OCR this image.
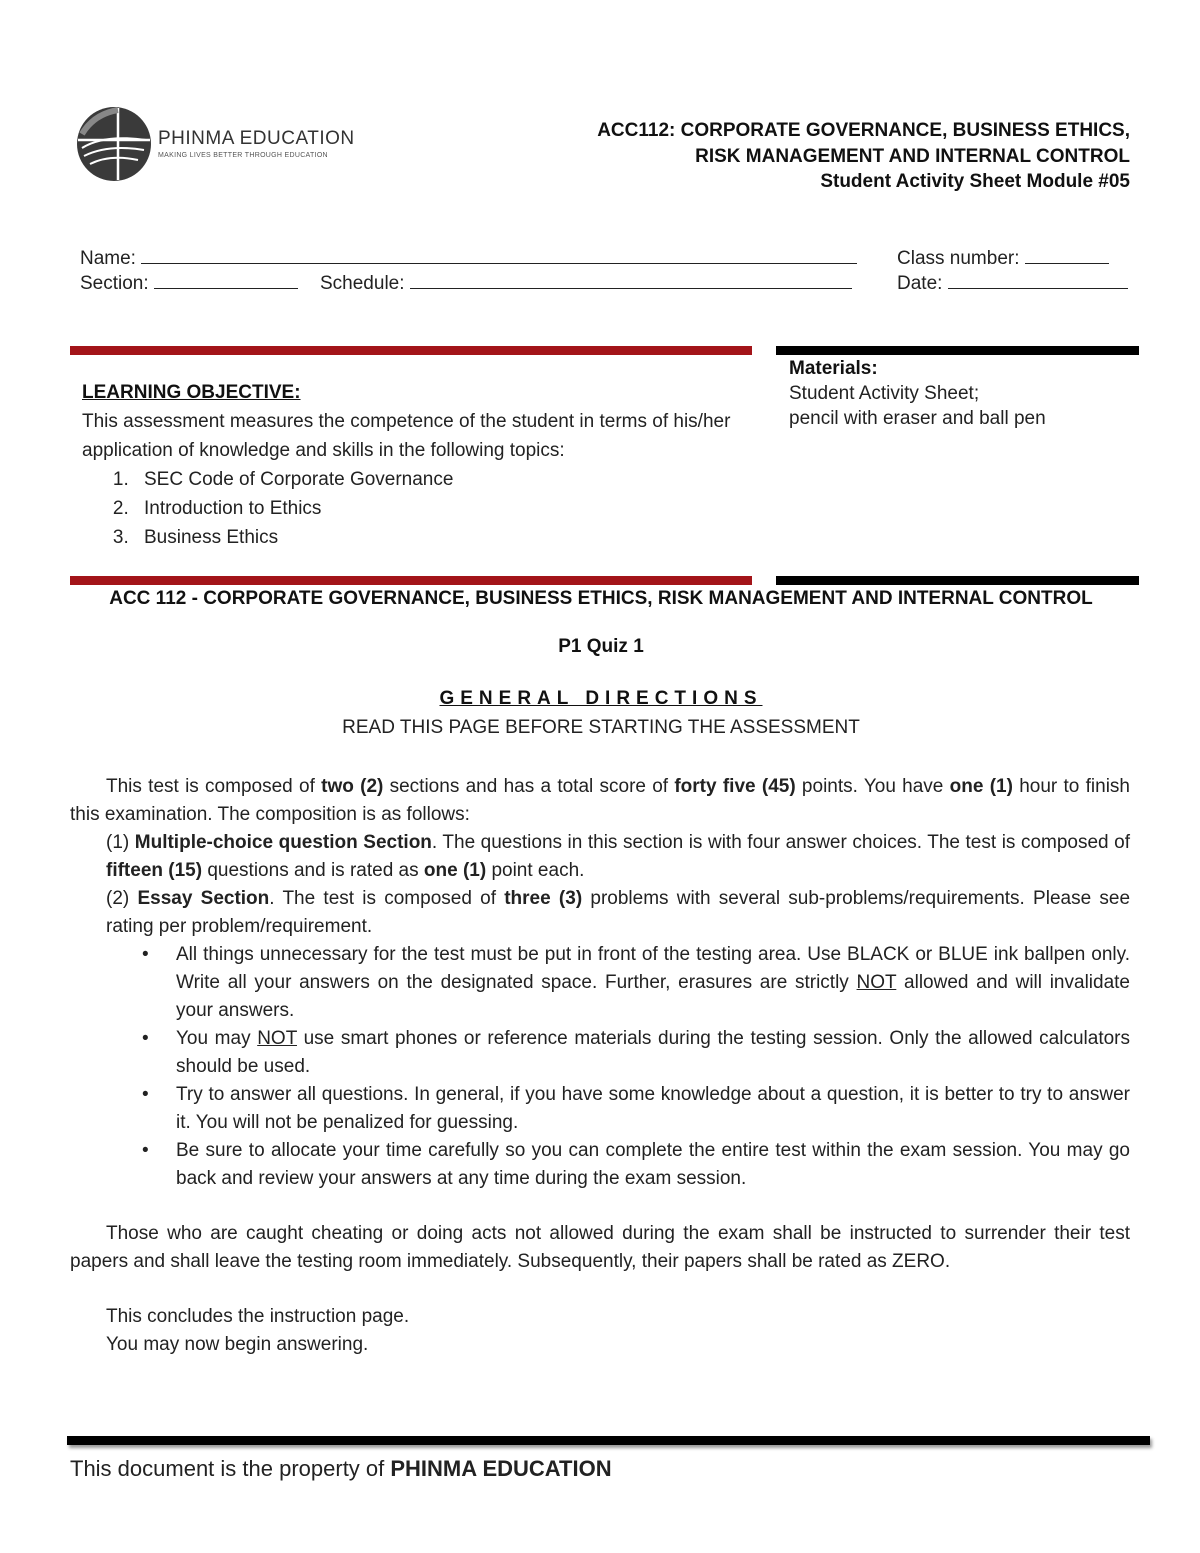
PHINMA EDUCATION
MAKING LIVES BETTER THROUGH EDUCATION
ACC112: CORPORATE GOVERNANCE, BUSINESS ETHICS,
RISK MANAGEMENT AND INTERNAL CONTROL
Student Activity Sheet Module #05
Name:	Class number:
Section:	Schedule:	Date:
LEARNING OBJECTIVE:
This assessment measures the competence of the student in terms of his/her application of knowledge and skills in the following topics:
1. SEC Code of Corporate Governance
2. Introduction to Ethics
3. Business Ethics
Materials:
Student Activity Sheet;
pencil with eraser and ball pen
ACC 112 - CORPORATE GOVERNANCE, BUSINESS ETHICS, RISK MANAGEMENT AND INTERNAL CONTROL
P1 Quiz 1
GENERAL DIRECTIONS
READ THIS PAGE BEFORE STARTING THE ASSESSMENT
This test is composed of two (2) sections and has a total score of forty five (45) points. You have one (1) hour to finish this examination. The composition is as follows:
(1) Multiple-choice question Section. The questions in this section is with four answer choices. The test is composed of fifteen (15) questions and is rated as one (1) point each.
(2) Essay Section. The test is composed of three (3) problems with several sub-problems/requirements. Please see rating per problem/requirement.
• All things unnecessary for the test must be put in front of the testing area. Use BLACK or BLUE ink ballpen only. Write all your answers on the designated space. Further, erasures are strictly NOT allowed and will invalidate your answers.
• You may NOT use smart phones or reference materials during the testing session. Only the allowed calculators should be used.
• Try to answer all questions. In general, if you have some knowledge about a question, it is better to try to answer it. You will not be penalized for guessing.
• Be sure to allocate your time carefully so you can complete the entire test within the exam session. You may go back and review your answers at any time during the exam session.
Those who are caught cheating or doing acts not allowed during the exam shall be instructed to surrender their test papers and shall leave the testing room immediately. Subsequently, their papers shall be rated as ZERO.
This concludes the instruction page.
You may now begin answering.
This document is the property of PHINMA EDUCATION
